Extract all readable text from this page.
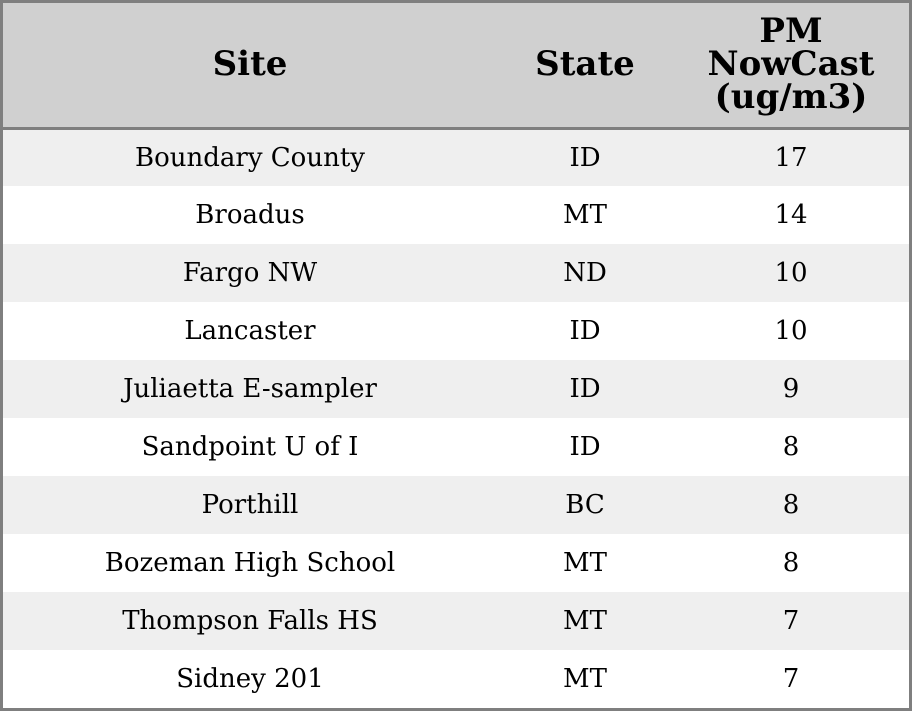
Site	State	PM
NowCast
(ug/m3)
Boundary County	ID	17
Broadus	MT	14
Fargo NW	ND	10
Lancaster	ID	10
Juliaetta E-sampler	ID	9
Sandpoint U of I	ID	8
Porthill	BC	8
Bozeman High School	MT	8
Thompson Falls HS	MT	7
Sidney 201	MT	7
